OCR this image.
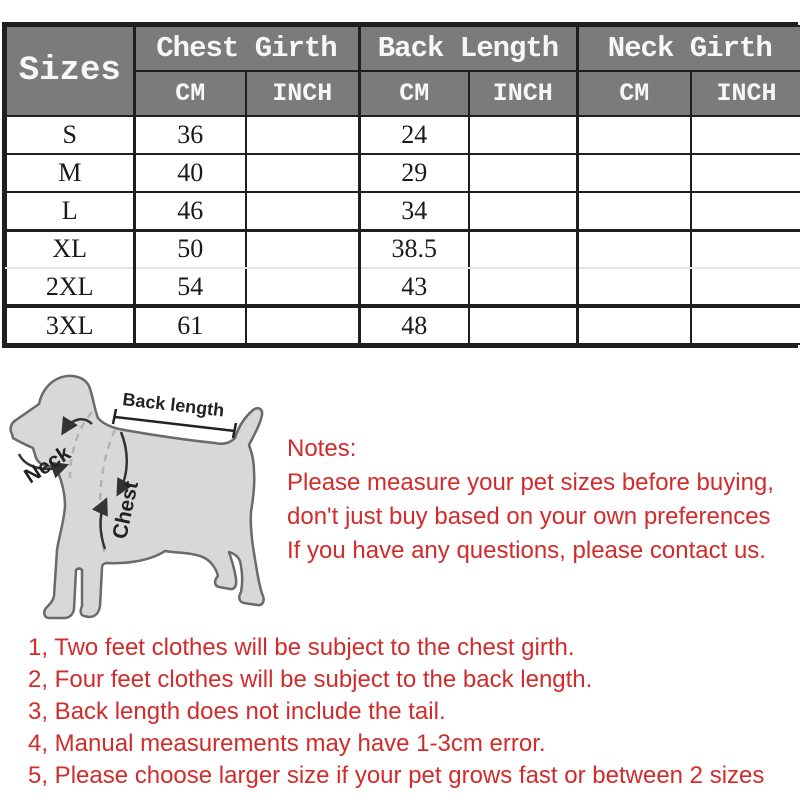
Sizes	Chest Girth		Back Length		Neck Girth	
	CM	INCH	CM	INCH	CM	INCH
S	36		24			
M	40		29			
L	46		34			
XL	50		38.5			
2XL	54		43			
3XL	61		48			
Back length
Neck
Chest
Notes:
Please measure your pet sizes before buying,
don't just buy based on your own preferences
If you have any questions, please contact us.
1, Two feet clothes will be subject to the chest girth.
2, Four feet clothes will be subject to the back length.
3, Back length does not include the tail.
4, Manual measurements may have 1-3cm error.
5, Please choose larger size if your pet grows fast or between 2 sizes
